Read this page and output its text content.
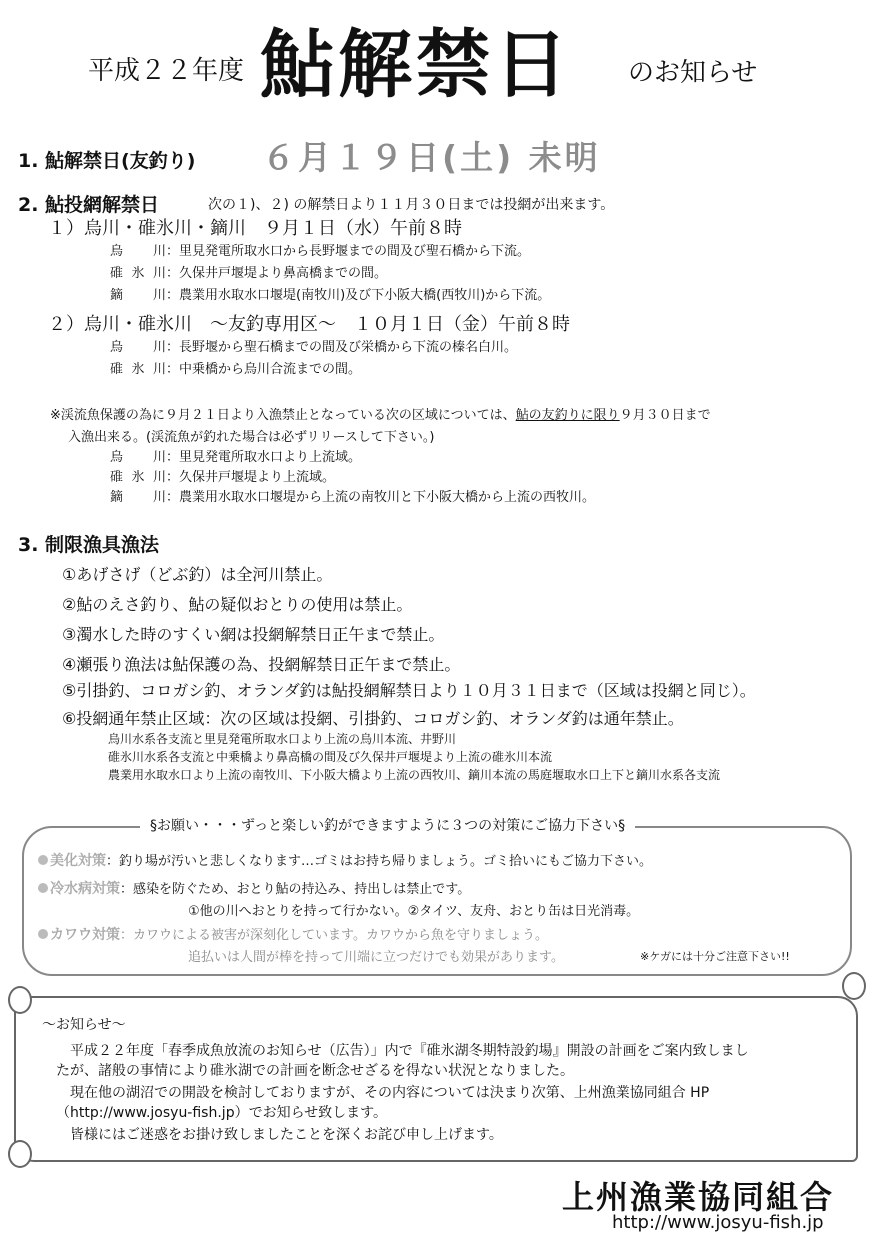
平成２２年度 鮎解禁日 のお知らせ
1. 鮎解禁日(友釣り) ６月１９日(土) 未明
2. 鮎投網解禁日	次の１)、２) の解禁日より１１月３０日までは投網が出来ます。
１）烏川・碓氷川・鏑川　９月１日（水）午前８時
烏　川：里見発電所取水口から長野堰までの間及び聖石橋から下流。
碓氷川：久保井戸堰堤より鼻高橋までの間。
鏑　川：農業用水取水口堰堤(南牧川)及び下小阪大橋(西牧川)から下流。
２）烏川・碓氷川　～友釣専用区～　１０月１日（金）午前８時
烏　川：長野堰から聖石橋までの間及び栄橋から下流の榛名白川。
碓氷川：中乗橋から烏川合流までの間。
※渓流魚保護の為に９月２１日より入漁禁止となっている次の区域については、鮎の友釣りに限り９月３０日まで
入漁出来る。(渓流魚が釣れた場合は必ずリリースして下さい。)
烏　川：里見発電所取水口より上流域。
碓氷川：久保井戸堰堤より上流域。
鏑　川：農業用水取水口堰堤から上流の南牧川と下小阪大橋から上流の西牧川。
3. 制限漁具漁法
①あげさげ（どぶ釣）は全河川禁止。
②鮎のえさ釣り、鮎の疑似おとりの使用は禁止。
③濁水した時のすくい網は投網解禁日正午まで禁止。
④瀬張り漁法は鮎保護の為、投網解禁日正午まで禁止。
⑤引掛釣、コロガシ釣、オランダ釣は鮎投網解禁日より１０月３１日まで（区域は投網と同じ）。
⑥投網通年禁止区域：次の区域は投網、引掛釣、コロガシ釣、オランダ釣は通年禁止。
烏川水系各支流と里見発電所取水口より上流の烏川本流、井野川
碓氷川水系各支流と中乗橋より鼻高橋の間及び久保井戸堰堤より上流の碓氷川本流
農業用水取水口より上流の南牧川、下小阪大橋より上流の西牧川、鏑川本流の馬庭堰取水口上下と鏑川水系各支流
§お願い・・・ずっと楽しい釣ができますように３つの対策にご協力下さい§
美化対策：釣り場が汚いと悲しくなります…ゴミはお持ち帰りましょう。ゴミ拾いにもご協力下さい。
冷水病対策：感染を防ぐため、おとり鮎の持込み、持出しは禁止です。
①他の川へおとりを持って行かない。②タイツ、友舟、おとり缶は日光消毒。
カワウ対策：カワウによる被害が深刻化しています。カワウから魚を守りましょう。
追払いは人間が棒を持って川端に立つだけでも効果があります。	※ケガには十分ご注意下さい!!
～お知らせ～
平成２２年度「春季成魚放流のお知らせ（広告）」内で『碓氷湖冬期特設釣場』開設の計画をご案内致しまし
たが、諸般の事情により碓氷湖での計画を断念せざるを得ない状況となりました。
現在他の湖沼での開設を検討しておりますが、その内容については決まり次第、上州漁業協同組合 HP
（http://www.josyu-fish.jp）でお知らせ致します。
皆様にはご迷惑をお掛け致しましたことを深くお詫び申し上げます。
上州漁業協同組合
http://www.josyu-fish.jp
